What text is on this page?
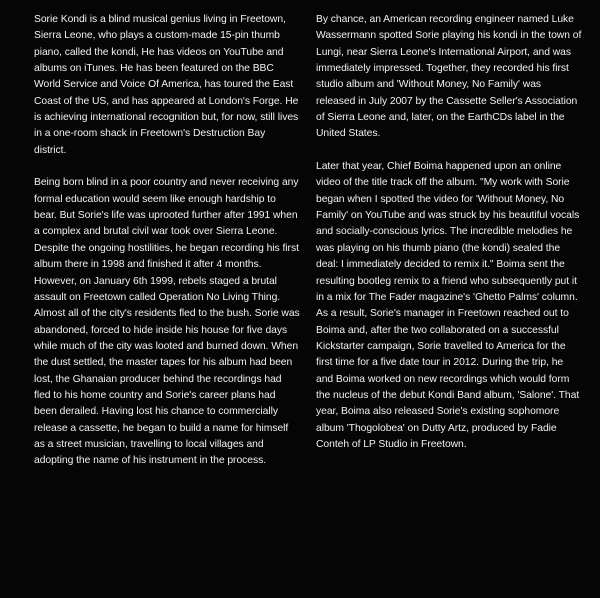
Sorie Kondi is a blind musical genius living in Freetown, Sierra Leone, who plays a custom-made 15-pin thumb piano, called the kondi, He has videos on YouTube and albums on iTunes. He has been featured on the BBC World Service and Voice Of America, has toured the East Coast of the US, and has appeared at London's Forge. He is achieving international recognition but, for now, still lives in a one-room shack in Freetown's Destruction Bay district.

Being born blind in a poor country and never receiving any formal education would seem like enough hardship to bear. But Sorie's life was uprooted further after 1991 when a complex and brutal civil war took over Sierra Leone. Despite the ongoing hostilities, he began recording his first album there in 1998 and finished it after 4 months. However, on January 6th 1999, rebels staged a brutal assault on Freetown called Operation No Living Thing. Almost all of the city's residents fled to the bush. Sorie was abandoned, forced to hide inside his house for five days while much of the city was looted and burned down. When the dust settled, the master tapes for his album had been lost, the Ghanaian producer behind the recordings had fled to his home country and Sorie's career plans had been derailed. Having lost his chance to commercially release a cassette, he began to build a name for himself as a street musician, travelling to local villages and adopting the name of his instrument in the process.

By chance, an American recording engineer named Luke Wassermann spotted Sorie playing his kondi in the town of Lungi, near Sierra Leone's International Airport, and was immediately impressed. Together, they recorded his first studio album and 'Without Money, No Family' was released in July 2007 by the Cassette Seller's Association of Sierra Leone and, later, on the EarthCDs label in the United States.

Later that year, Chief Boima happened upon an online video of the title track off the album. "My work with Sorie began when I spotted the video for 'Without Money, No Family' on YouTube and was struck by his beautiful vocals and socially-conscious lyrics. The incredible melodies he was playing on his thumb piano (the kondi) sealed the deal: I immediately decided to remix it." Boima sent the resulting bootleg remix to a friend who subsequently put it in a mix for The Fader magazine's 'Ghetto Palms' column. As a result, Sorie's manager in Freetown reached out to Boima and, after the two collaborated on a successful Kickstarter campaign, Sorie travelled to America for the first time for a five date tour in 2012. During the trip, he and Boima worked on new recordings which would form the nucleus of the debut Kondi Band album, 'Salone'. That year, Boima also released Sorie's existing sophomore album 'Thogolobea' on Dutty Artz, produced by Fadie Conteh of LP Studio in Freetown.
